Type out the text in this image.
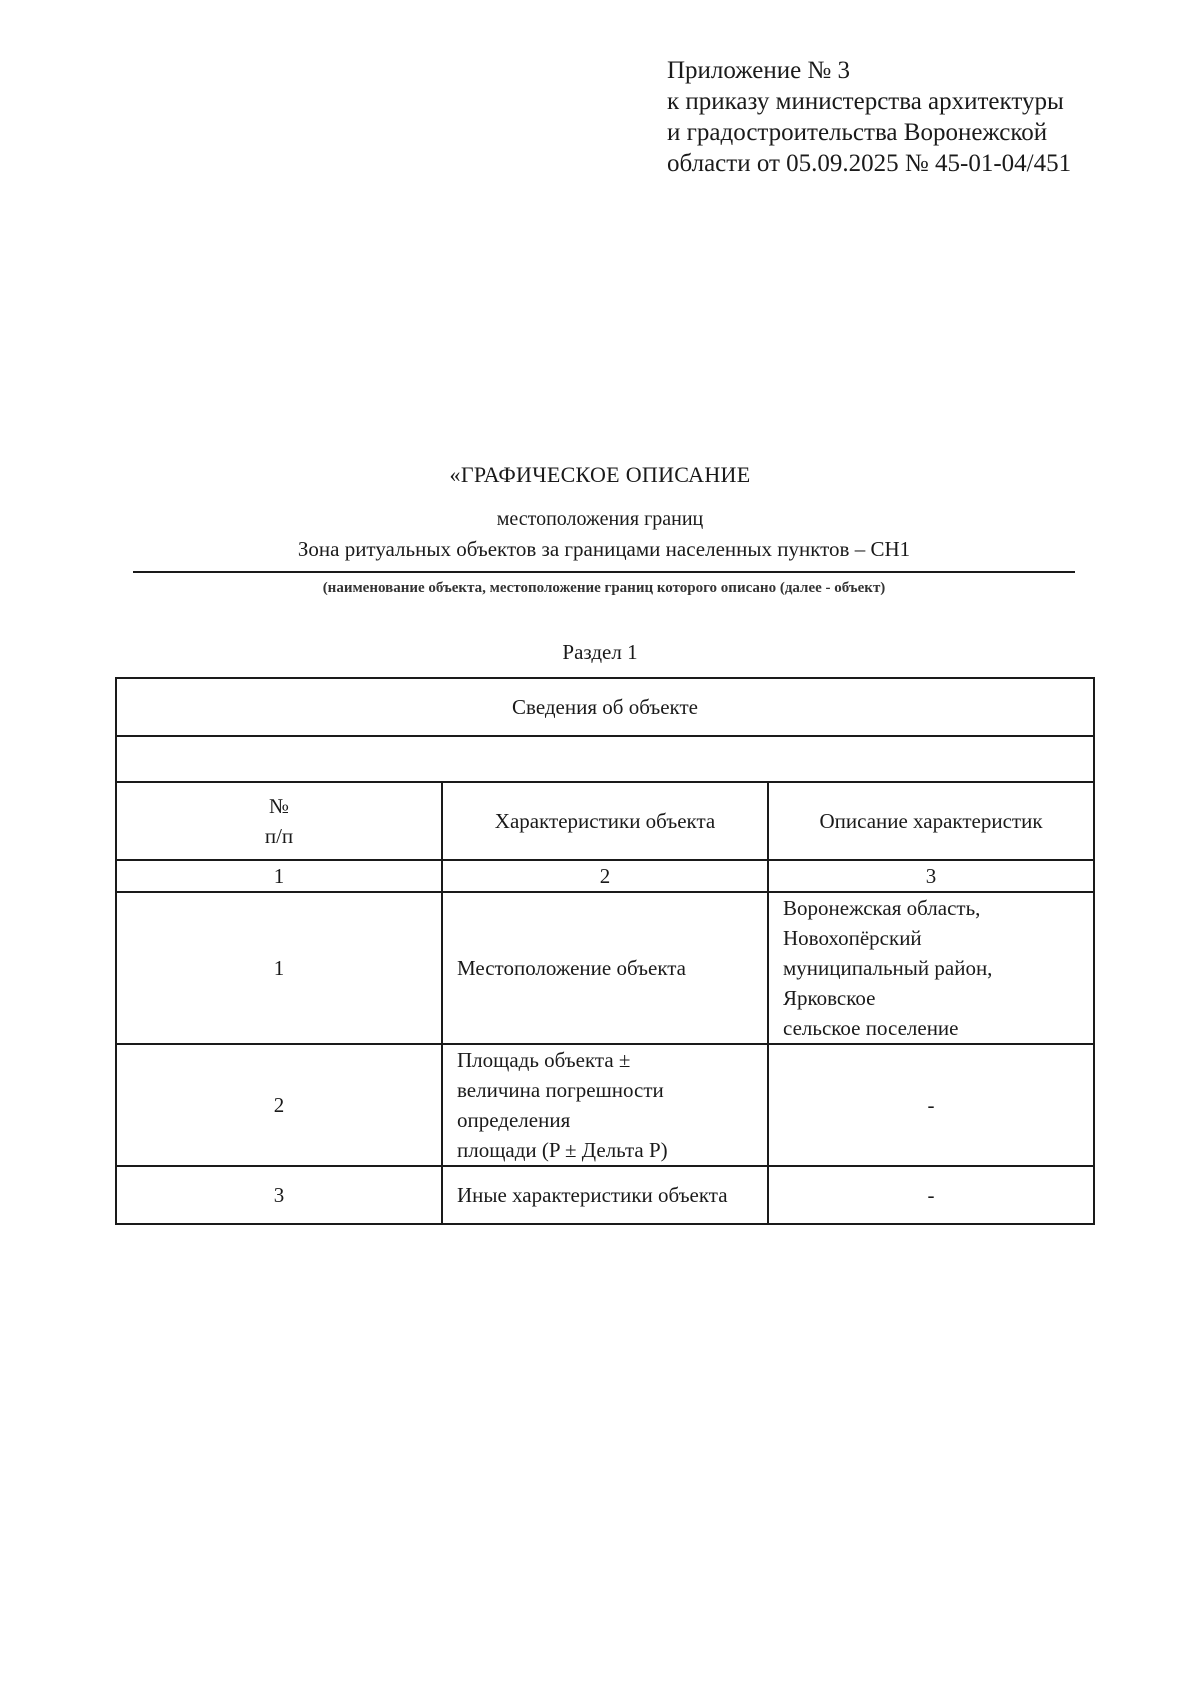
Приложение № 3
к приказу министерства архитектуры
и градостроительства Воронежской
области от 05.09.2025 № 45-01-04/451
«ГРАФИЧЕСКОЕ ОПИСАНИЕ
местоположения границ
Зона ритуальных объектов за границами населенных пунктов – СН1
(наименование объекта, местоположение границ которого описано (далее - объект)
Раздел 1
Сведения об объекте		

№
п/п	Характеристики объекта	Описание характеристик
1	2	3
1	Местоположение объекта	Воронежская область, Новохопёрский
муниципальный район, Ярковское
сельское поселение

2	Площадь объекта ±
величина погрешности определения
площади (P ± Дельта P)	-

3	Иные характеристики объекта	-
